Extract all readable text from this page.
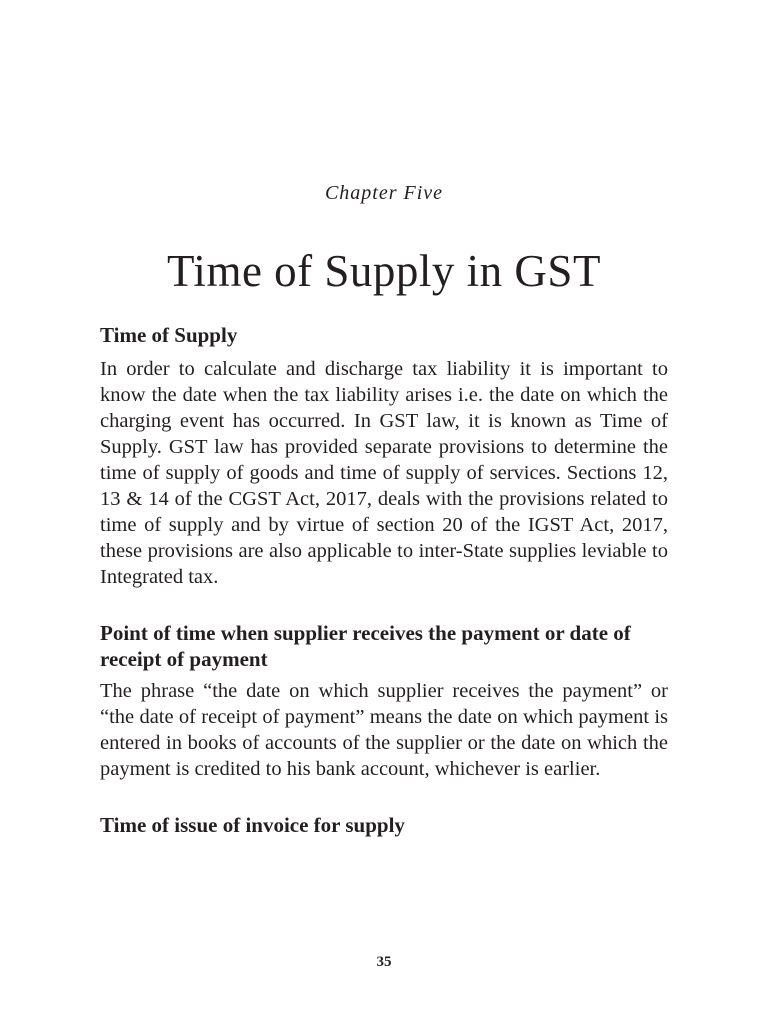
Chapter Five
Time of Supply in GST
Time of Supply

In order to calculate and discharge tax liability it is important to know the date when the tax liability arises i.e. the date on which the charging event has occurred. In GST law, it is known as Time of Supply. GST law has provided separate provisions to determine the time of supply of goods and time of supply of services. Sections 12, 13 & 14 of the CGST Act, 2017, deals with the provisions related to time of supply and by virtue of section 20 of the IGST Act, 2017, these provisions are also applicable to inter-State supplies leviable to Integrated tax.

Point of time when supplier receives the payment or date of receipt of payment

The phrase “the date on which supplier receives the payment” or “the date of receipt of payment” means the date on which payment is entered in books of accounts of the supplier or the date on which the payment is credited to his bank account, whichever is earlier.

Time of issue of invoice for supply
35
